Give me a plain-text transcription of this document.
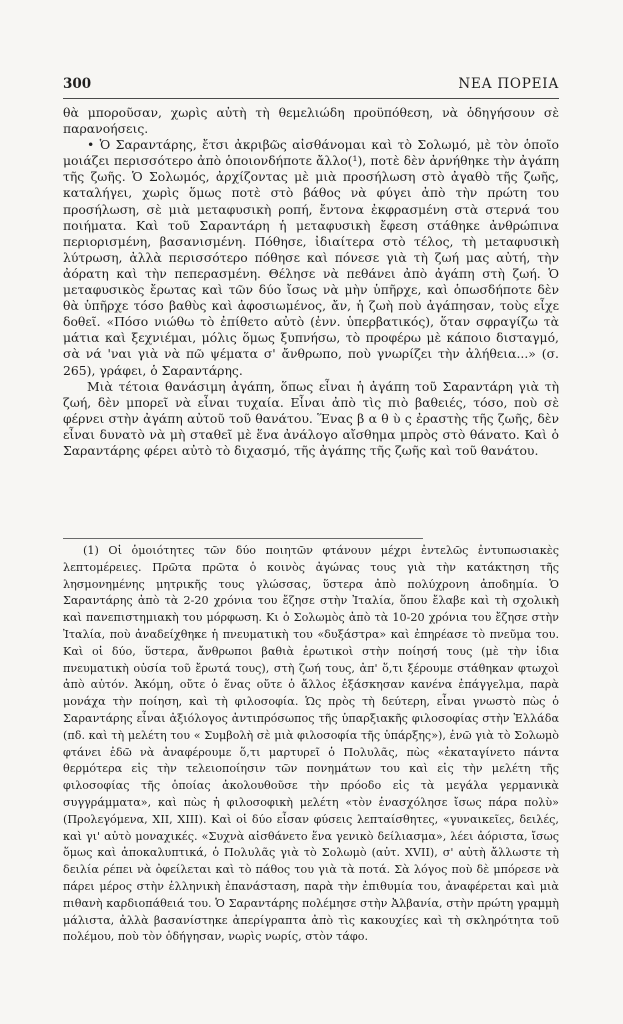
300	ΝΕΑ ΠΟΡΕΙΑ

θὰ μποροῦσαν, χωρὶς αὐτὴ τὴ θεμελιώδη προϋπόθεση, νὰ ὁδηγήσουν σὲ παρανοήσεις.

• Ὁ Σαραντάρης, ἔτσι ἀκριβῶς αἰσθάνομαι καὶ τὸ Σολωμό, μὲ τὸν ὁποῖο μοιάζει περισσότερο ἀπὸ ὁποιονδήποτε ἄλλο(¹), ποτὲ δὲν ἀρνήθηκε τὴν ἀγάπη τῆς ζωῆς. Ὁ Σολωμός, ἀρχίζοντας μὲ μιὰ προσήλωση στὸ ἀγαθὸ τῆς ζωῆς, καταλήγει, χωρὶς ὅμως ποτὲ στὸ βάθος νὰ φύγει ἀπὸ τὴν πρώτη του προσήλωση, σὲ μιὰ μεταφυσικὴ ροπή, ἔντονα ἐκφρασμένη στὰ στερνά του ποιήματα. Καὶ τοῦ Σαραντάρη ἡ μεταφυσικὴ ἔφεση στάθηκε ἀνθρώπινα περιορισμένη, βασανισμένη. Πόθησε, ἰδιαίτερα στὸ τέλος, τὴ μεταφυσικὴ λύτρωση, ἀλλὰ περισσότερο πόθησε καὶ πόνεσε γιὰ τὴ ζωή μας αὐτή, τὴν ἀόρατη καὶ τὴν πεπερασμένη. Θέλησε νὰ πεθάνει ἀπὸ ἀγάπη στὴ ζωή. Ὁ μεταφυσικὸς ἔρωτας καὶ τῶν δύο ἴσως νὰ μὴν ὑπῆρχε, καὶ ὁπωσδήποτε δὲν θὰ ὑπῆρχε τόσο βαθὺς καὶ ἀφοσιωμένος, ἄν, ἡ ζωὴ ποὺ ἀγάπησαν, τοὺς εἶχε δοθεῖ. «Πόσο νιώθω τὸ ἐπίθετο αὐτὸ (ἐνν. ὑπερβατικός), ὅταν σφραγίζω τὰ μάτια καὶ ξεχνιέμαι, μόλις ὅμως ξυπνήσω, τὸ προφέρω μὲ κάποιο δισταγμό, σὰ νά 'ναι γιὰ νὰ πῶ ψέματα σ' ἄνθρωπο, ποὺ γνωρίζει τὴν ἀλήθεια...» (σ. 265), γράφει, ὁ Σαραντάρης.

Μιὰ τέτοια θανάσιμη ἀγάπη, ὅπως εἶναι ἡ ἀγάπη τοῦ Σαραντάρη γιὰ τὴ ζωή, δὲν μπορεῖ νὰ εἶναι τυχαία. Εἶναι ἀπὸ τὶς πιὸ βαθειές, τόσο, ποὺ σὲ φέρνει στὴν ἀγάπη αὐτοῦ τοῦ θανάτου. Ἕνας β α θ ὺ ς ἐραστὴς τῆς ζωῆς, δὲν εἶναι δυνατὸ νὰ μὴ σταθεῖ μὲ ἕνα ἀνάλογο αἴσθημα μπρὸς στὸ θάνατο. Καὶ ὁ Σαραντάρης φέρει αὐτὸ τὸ διχασμό, τῆς ἀγάπης τῆς ζωῆς καὶ τοῦ θανάτου.

(1) Οἱ ὁμοιότητες τῶν δύο ποιητῶν φτάνουν μέχρι ἐντελῶς ἐντυπωσιακὲς λεπτομέρειες. Πρῶτα πρῶτα ὁ κοινὸς ἀγώνας τους γιὰ τὴν κατάκτηση τῆς λησμονημένης μητρικῆς τους γλώσσας, ὕστερα ἀπὸ πολύχρονη ἀποδημία. Ὁ Σαραντάρης ἀπὸ τὰ 2-20 χρόνια του ἔζησε στὴν Ἰταλία, ὅπου ἔλαβε καὶ τὴ σχολικὴ καὶ πανεπιστημιακὴ του μόρφωση. Κι ὁ Σολωμὸς ἀπὸ τὰ 10-20 χρόνια του ἔζησε στὴν Ἰταλία, ποὺ ἀναδείχθηκε ἡ πνευματικὴ του «δυξάστρα» καὶ ἐπηρέασε τὸ πνεῦμα του. Καὶ οἱ δύο, ὕστερα, ἄνθρωποι βαθιὰ ἐρωτικοὶ στὴν ποίησή τους (μὲ τὴν ἰδια πνευματικὴ οὐσία τοῦ ἔρωτά τους), στὴ ζωή τους, ἀπ' ὅ,τι ξέρουμε στάθηκαν φτωχοὶ ἀπὸ αὐτόν. Ἀκόμη, οὔτε ὁ ἕνας οὔτε ὁ ἄλλος ἐξάσκησαν κανένα ἐπάγγελμα, παρὰ μονάχα τὴν ποίηση, καὶ τὴ φιλοσοφία. Ὡς πρὸς τὴ δεύτερη, εἶναι γνωστὸ πὼς ὁ Σαραντάρης εἶναι ἀξιόλογος ἀντιπρόσωπος τῆς ὑπαρξιακῆς φιλοσοφίας στὴν Ἑλλάδα (πδ. καὶ τὴ μελέτη του « Συμβολὴ σὲ μιὰ φιλοσοφία τῆς ὑπάρξης»), ἐνῶ γιὰ τὸ Σολωμὸ φτάνει ἐδῶ νὰ ἀναφέρουμε ὅ,τι μαρτυρεῖ ὁ Πολυλᾶς, πὼς «ἐκαταγίνετο πάντα θερμότερα εἰς τὴν τελειοποίησιν τῶν πονημάτων του καὶ εἰς τὴν μελέτη τῆς φιλοσοφίας τῆς ὁποίας ἀκολουθοῦσε τὴν πρόοδο εἰς τὰ μεγάλα γερμανικὰ συγγράμματα», καὶ πὼς ἡ φιλοσοφικὴ μελέτη «τὸν ἐνασχόλησε ἴσως πάρα πολὺ» (Προλεγόμενα, XII, XIII). Καὶ οἱ δύο εἶσαν φύσεις λεπταίσθητες, «γυναικεῖες, δειλές, καὶ γι' αὐτὸ μοναχικές. «Συχνὰ αἰσθάνετο ἕνα γενικὸ δείλιασμα», λέει ἀόριστα, ἴσως ὅμως καὶ ἀποκαλυπτικά, ὁ Πολυλᾶς γιὰ τὸ Σολωμὸ (αὐτ. XVII), σ' αὐτὴ ἄλλωστε τὴ δειλία ρέπει νὰ ὀφείλεται καὶ τὸ πάθος του γιὰ τὰ ποτά. Σὰ λόγος ποὺ δὲ μπόρεσε νὰ πάρει μέρος στὴν ἑλληνικὴ ἐπανάσταση, παρὰ τὴν ἐπιθυμία του, ἀναφέρεται καὶ μιὰ πιθανὴ καρδιοπάθειά του. Ὁ Σαραντάρης πολέμησε στὴν Ἀλβανία, στὴν πρώτη γραμμὴ μάλιστα, ἀλλὰ βασανίστηκε ἀπερίγραπτα ἀπὸ τὶς κακουχίες καὶ τὴ σκληρότητα τοῦ πολέμου, ποὺ τὸν ὁδήγησαν, νωρὶς νωρίς, στὸν τάφο.
